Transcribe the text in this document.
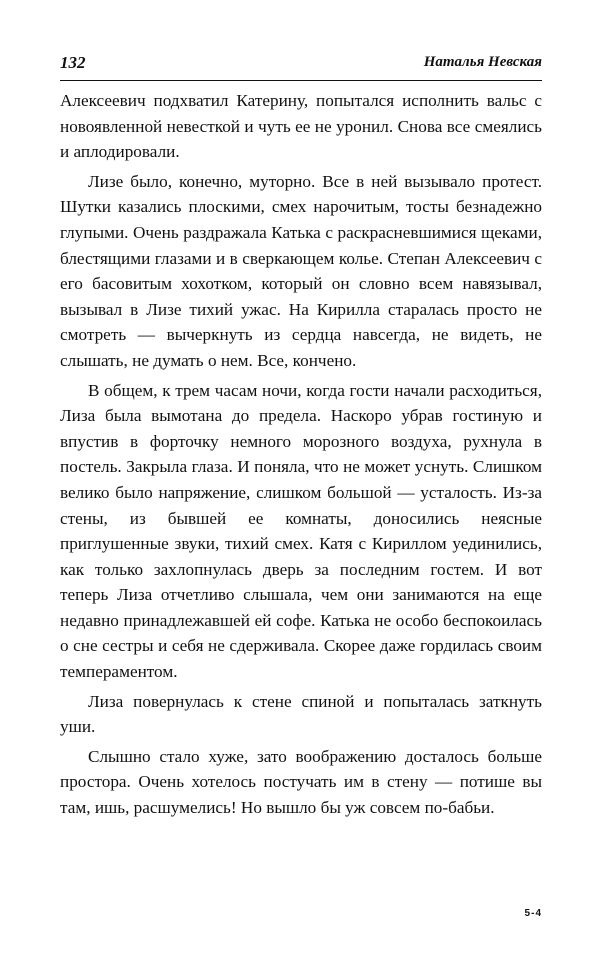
132	Наталья Невская

Алексеевич подхватил Катерину, попытался исполнить вальс с новоявленной невесткой и чуть ее не уронил. Снова все смеялись и аплодировали.

Лизе было, конечно, муторно. Все в ней вызывало протест. Шутки казались плоскими, смех нарочитым, тосты безнадежно глупыми. Очень раздражала Катька с раскрасневшимися щеками, блестящими глазами и в сверкающем колье. Степан Алексеевич с его басовитым хохотком, который он словно всем навязывал, вызывал в Лизе тихий ужас. На Кирилла старалась просто не смотреть — вычеркнуть из сердца навсегда, не видеть, не слышать, не думать о нем. Все, кончено.

В общем, к трем часам ночи, когда гости начали расходиться, Лиза была вымотана до предела. Наскоро убрав гостиную и впустив в форточку немного морозного воздуха, рухнула в постель. Закрыла глаза. И поняла, что не может уснуть. Слишком велико было напряжение, слишком большой — усталость. Из-за стены, из бывшей ее комнаты, доносились неясные приглушенные звуки, тихий смех. Катя с Кириллом уединились, как только захлопнулась дверь за последним гостем. И вот теперь Лиза отчетливо слышала, чем они занимаются на еще недавно принадлежавшей ей софе. Катька не особо беспокоилась о сне сестры и себя не сдерживала. Скорее даже гордилась своим темпераментом.

Лиза повернулась к стене спиной и попыталась заткнуть уши.

Слышно стало хуже, зато воображению досталось больше простора. Очень хотелось постучать им в стену — потише вы там, ишь, расшумелись! Но вышло бы уж совсем по-бабьи.

5-4
